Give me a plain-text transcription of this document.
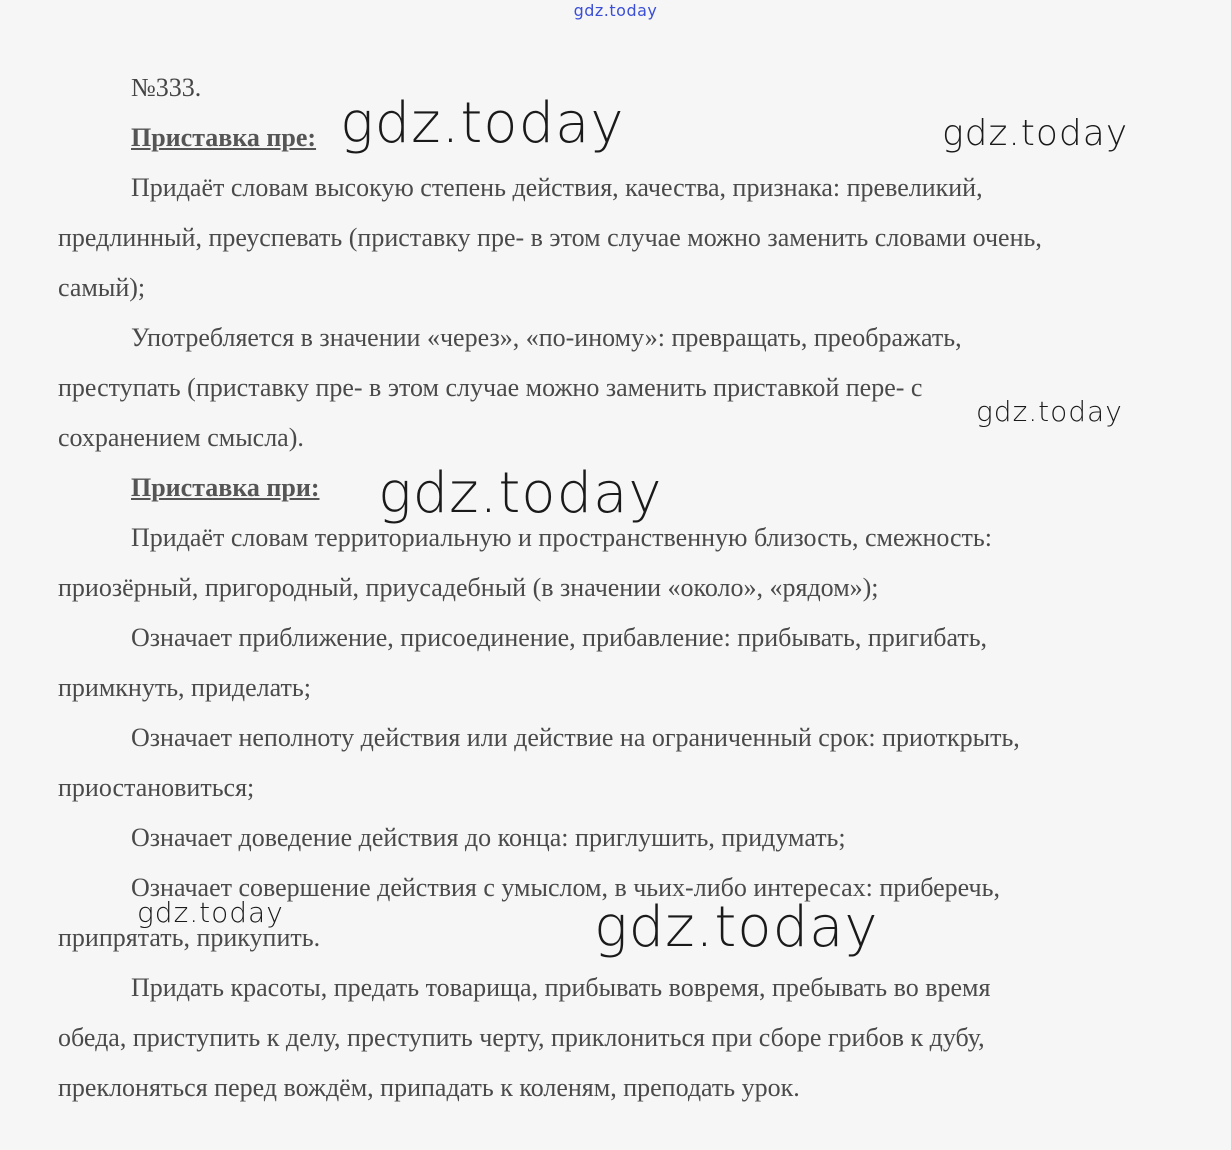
gdz.today
№333.
Приставка пре:
Придаёт словам высокую степень действия, качества, признака: превеликий,
предлинный, преуспевать (приставку пре- в этом случае можно заменить словами очень,
самый);
Употребляется в значении «через», «по-иному»: превращать, преображать,
преступать (приставку пре- в этом случае можно заменить приставкой пере- с
сохранением смысла).
Приставка при:
Придаёт словам территориальную и пространственную близость, смежность:
приозёрный, пригородный, приусадебный (в значении «около», «рядом»);
Означает приближение, присоединение, прибавление: прибывать, пригибать,
примкнуть, приделать;
Означает неполноту действия или действие на ограниченный срок: приоткрыть,
приостановиться;
Означает доведение действия до конца: приглушить, придумать;
Означает совершение действия с умыслом, в чьих-либо интересах: приберечь,
припрятать, прикупить.
Придать красоты, предать товарища, прибывать вовремя, пребывать во время
обеда, приступить к делу, преступить черту, приклониться при сборе грибов к дубу,
преклоняться перед вождём, припадать к коленям, преподать урок.
gdz.today	gdz.today
gdz.today
gdz.today
gdz.today	gdz.today
